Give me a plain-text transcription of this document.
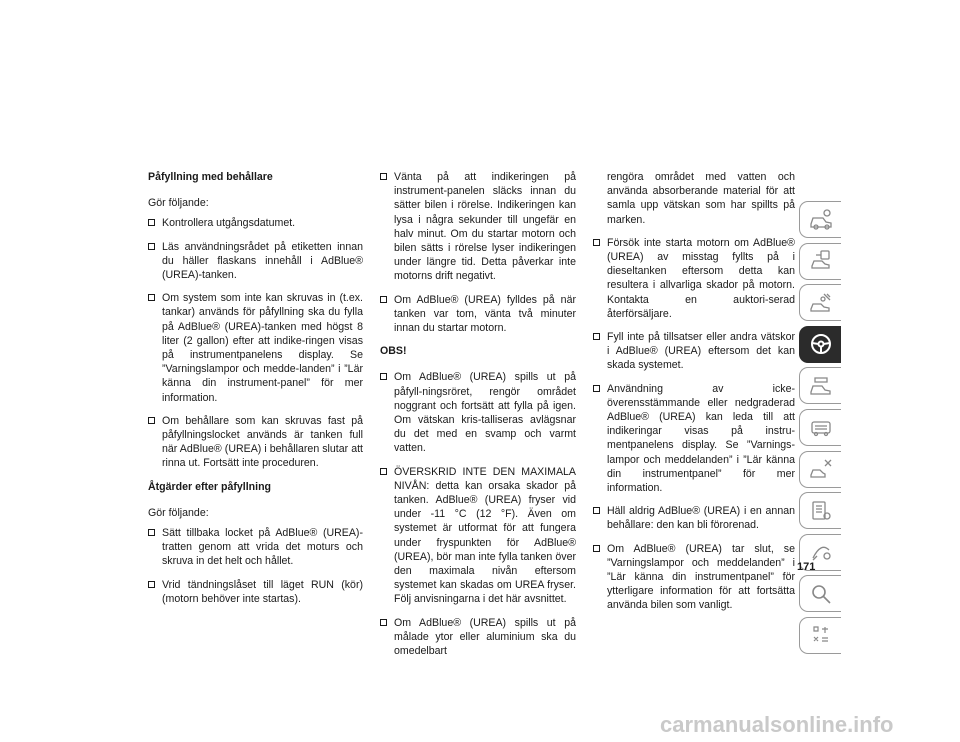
Påfyllning med behållare

Gör följande:

Kontrollera utgångsdatumet.
Läs användningsrådet på etiketten innan du häller flaskans innehåll i AdBlue® (UREA)-tanken.
Om system som inte kan skruvas in (t.ex. tankar) används för påfyllning ska du fylla på AdBlue® (UREA)-tanken med högst 8 liter (2 gallon) efter att indike-ringen visas på instrumentpanelens display. Se ”Varningslampor och medde-landen” i ”Lär känna din instrument-panel” för mer information.
Om behållare som kan skruvas fast på påfyllningslocket används är tanken full när AdBlue® (UREA) i behållaren slutar att rinna ut. Fortsätt inte proceduren.

Åtgärder efter påfyllning

Gör följande:

Sätt tillbaka locket på AdBlue® (UREA)-tratten genom att vrida det moturs och skruva in det helt och hållet.
Vrid tändningslåset till läget RUN (kör) (motorn behöver inte startas).
Vänta på att indikeringen på instrument-panelen släcks innan du sätter bilen i rörelse. Indikeringen kan lysa i några sekunder till ungefär en halv minut. Om du startar motorn och bilen sätts i rörelse lyser indikeringen under längre tid. Detta påverkar inte motorns drift negativt.
Om AdBlue® (UREA) fylldes på när tanken var tom, vänta två minuter innan du startar motorn.

OBS!

Om AdBlue® (UREA) spills ut på påfyll-ningsröret, rengör området noggrant och fortsätt att fylla på igen. Om vätskan kris-talliseras avlägsnar du det med en svamp och varmt vatten.
ÖVERSKRID INTE DEN MAXIMALA NIVÅN: detta kan orsaka skador på tanken. AdBlue® (UREA) fryser vid under -11 °C (12 °F). Även om systemet är utformat för att fungera under fryspunkten för AdBlue® (UREA), bör man inte fylla tanken över den maximala nivån eftersom systemet kan skadas om UREA fryser. Följ anvisningarna i det här avsnittet.
Om AdBlue® (UREA) spills ut på målade ytor eller aluminium ska du omedelbart

rengöra området med vatten och använda absorberande material för att samla upp vätskan som har spillts på marken.

Försök inte starta motorn om AdBlue® (UREA) av misstag fyllts på i dieseltanken eftersom detta kan resultera i allvarliga skador på motorn. Kontakta en auktori-serad återförsäljare.
Fyll inte på tillsatser eller andra vätskor i AdBlue® (UREA) eftersom det kan skada systemet.
Användning av icke-överensstämmande eller nedgraderad AdBlue® (UREA) kan leda till att indikeringar visas på instru-mentpanelens display. Se ”Varnings-lampor och meddelanden” i ”Lär känna din instrumentpanel” för mer information.
Häll aldrig AdBlue® (UREA) i en annan behållare: den kan bli förorenad.
Om AdBlue® (UREA) tar slut, se ”Varningslampor och meddelanden” i ”Lär känna din instrumentpanel” för ytterligare information för att fortsätta använda bilen som vanligt.
171
carmanualsonline.info
